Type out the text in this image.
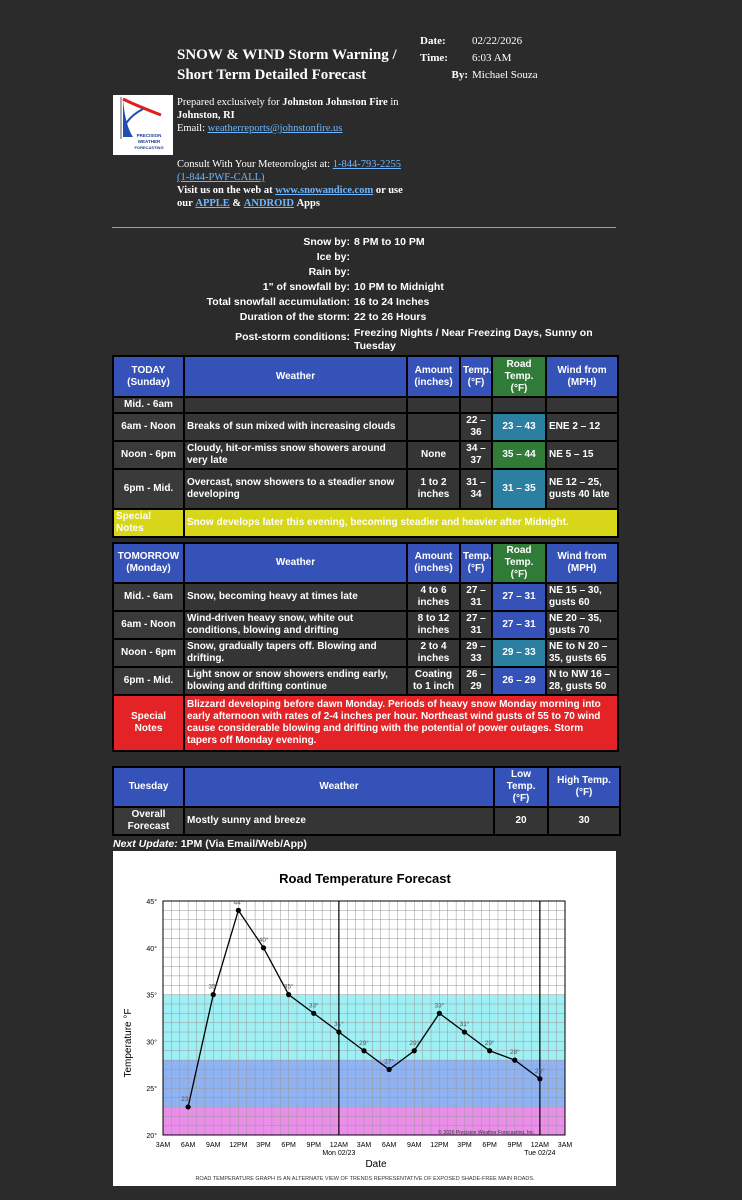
SNOW & WIND Storm Warning / Short Term Detailed Forecast
Date: 02/22/2026
Time: 6:03 AM
By: Michael Souza
PRECISION
WEATHER
FORECASTING
Prepared exclusively for Johnston Johnston Fire in
Johnston, RI
Email: weatherreports@johnstonfire.us
Consult With Your Meteorologist at: 1-844-793-2255
(1-844-PWF-CALL)
Visit us on the web at www.snowandice.com or use
our APPLE & ANDROID Apps
Snow by: 8 PM to 10 PM
Ice by:
Rain by:
1" of snowfall by: 10 PM to Midnight
Total snowfall accumulation: 16 to 24 Inches
Duration of the storm: 22 to 26 Hours
Post-storm conditions: Freezing Nights / Near Freezing Days, Sunny on Tuesday
TODAY (Sunday)	Weather	Amount (inches)	Temp. (°F)	Road Temp. (°F)	Wind from (MPH)
Mid. - 6am					
6am - Noon	Breaks of sun mixed with increasing clouds		22 – 36	23 – 43	ENE 2 – 12
Noon - 6pm	Cloudy, hit-or-miss snow showers around very late	None	34 – 37	35 – 44	NE 5 – 15
6pm - Mid.	Overcast, snow showers to a steadier snow developing	1 to 2 inches	31 – 34	31 – 35	NE 12 – 25, gusts 40 late
Special Notes	Snow develops later this evening, becoming steadier and heavier after Midnight.				
TOMORROW (Monday)	Weather	Amount (inches)	Temp. (°F)	Road Temp. (°F)	Wind from (MPH)
Mid. - 6am	Snow, becoming heavy at times late	4 to 6 inches	27 – 31	27 – 31	NE 15 – 30, gusts 60
6am - Noon	Wind-driven heavy snow, white out conditions, blowing and drifting	8 to 12 inches	27 – 31	27 – 31	NE 20 – 35, gusts 70
Noon - 6pm	Snow, gradually tapers off. Blowing and drifting.	2 to 4 inches	29 – 33	29 – 33	NE to N 20 – 35, gusts 65
6pm - Mid.	Light snow or snow showers ending early, blowing and drifting continue	Coating to 1 inch	26 – 29	26 – 29	N to NW 16 – 28, gusts 50
Special Notes	Blizzard developing before dawn Monday. Periods of heavy snow Monday morning into early afternoon with rates of 2-4 inches per hour. Northeast wind gusts of 55 to 70 wind cause considerable blowing and drifting with the potential of power outages. Storm tapers off Monday evening.				
Tuesday	Weather	Low Temp. (°F)	High Temp. (°F)
Overall Forecast	Mostly sunny and breeze	20	30
Next Update: 1PM (Via Email/Web/App)
Road Temperature Forecast
45°
40°
35°
30°
25°
20°
3AM 6AM 9AM 12PM 3PM 6PM 9PM 12AM 3AM 6AM 9AM 12PM 3PM 6PM 9PM 12AM 3AM
Mon 02/23	Tue 02/24
23°
35°
44°
40°
35°
33°
31°
29°
27°
29°
33°
31°
29°
28°
26°
Temperature °F
Date
© 2026 Precision Weather Forecasting, Inc.
ROAD TEMPERATURE GRAPH IS AN ALTERNATE VIEW OF TRENDS REPRESENTATIVE OF EXPOSED SHADE-FREE MAIN ROADS.
